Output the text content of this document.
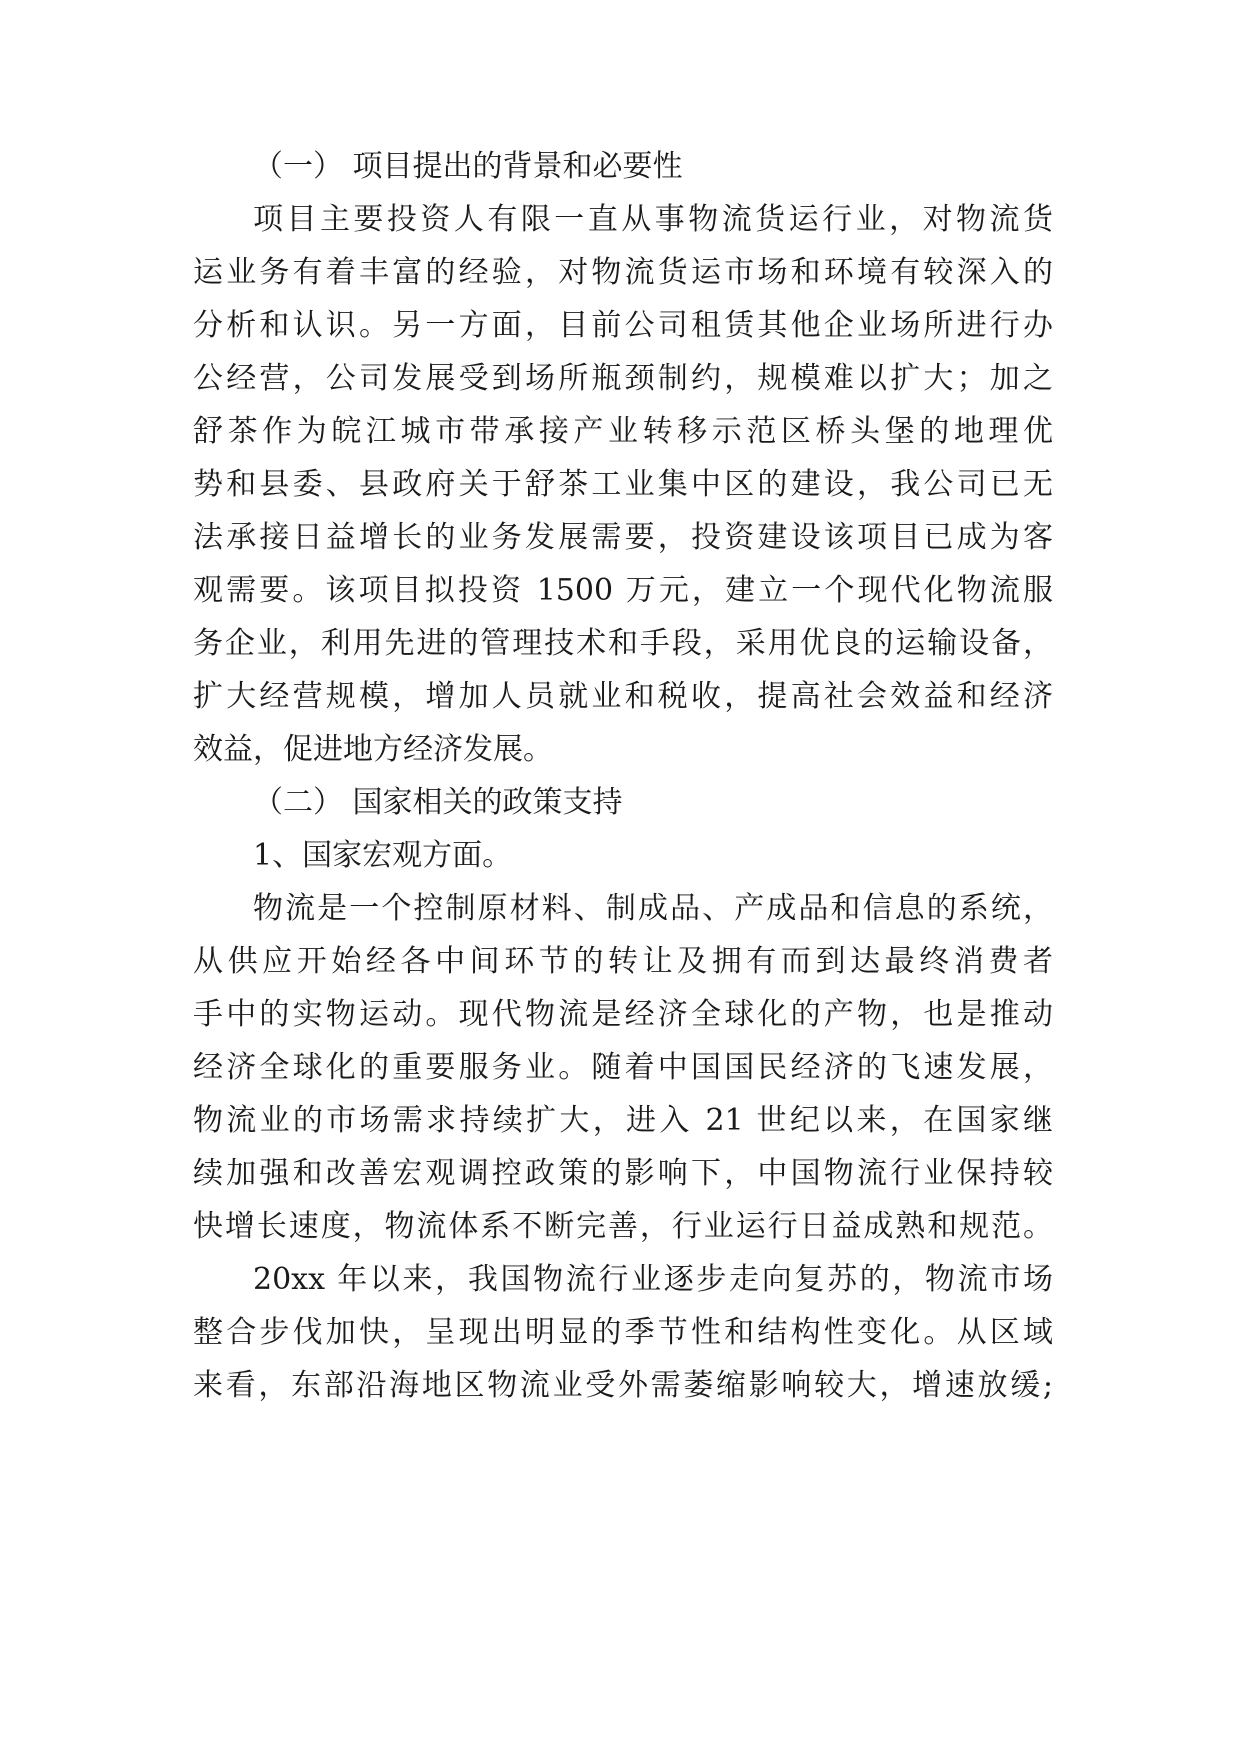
（一） 项目提出的背景和必要性
项目主要投资人有限一直从事物流货运行业，对物流货
运业务有着丰富的经验，对物流货运市场和环境有较深入的
分析和认识。另一方面，目前公司租赁其他企业场所进行办
公经营，公司发展受到场所瓶颈制约，规模难以扩大；加之
舒茶作为皖江城市带承接产业转移示范区桥头堡的地理优
势和县委、县政府关于舒茶工业集中区的建设，我公司已无
法承接日益增长的业务发展需要，投资建设该项目已成为客
观需要。该项目拟投资 1500 万元，建立一个现代化物流服
务企业，利用先进的管理技术和手段，采用优良的运输设备，
扩大经营规模，增加人员就业和税收，提高社会效益和经济
效益，促进地方经济发展。
（二） 国家相关的政策支持
1、国家宏观方面。
物流是一个控制原材料、制成品、产成品和信息的系统，
从供应开始经各中间环节的转让及拥有而到达最终消费者
手中的实物运动。现代物流是经济全球化的产物，也是推动
经济全球化的重要服务业。随着中国国民经济的飞速发展，
物流业的市场需求持续扩大，进入 21 世纪以来，在国家继
续加强和改善宏观调控政策的影响下，中国物流行业保持较
快增长速度，物流体系不断完善，行业运行日益成熟和规范。
20xx 年以来，我国物流行业逐步走向复苏的，物流市场
整合步伐加快，呈现出明显的季节性和结构性变化。从区域
来看，东部沿海地区物流业受外需萎缩影响较大，增速放缓;
